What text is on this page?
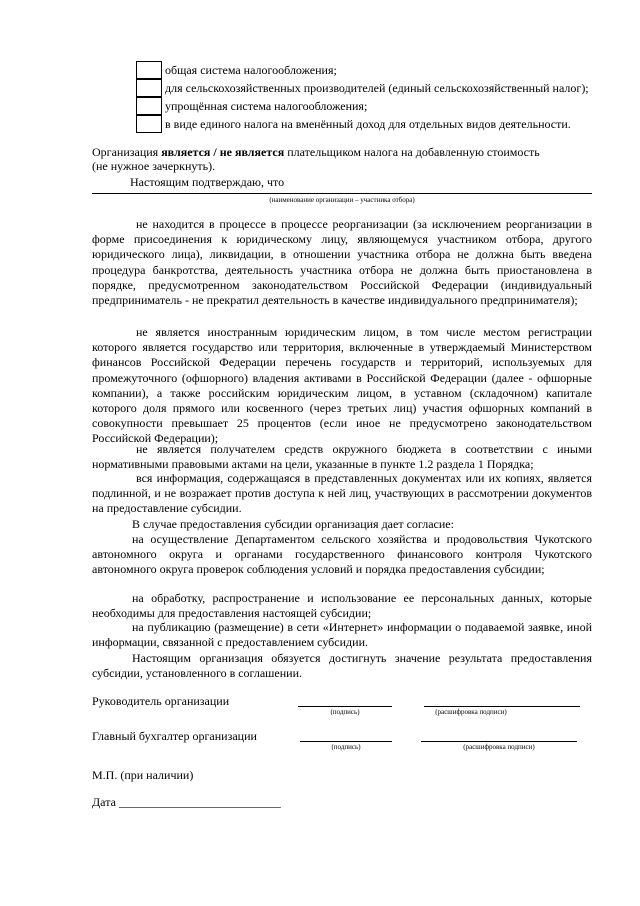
общая система налогообложения;
для сельскохозяйственных производителей (единый сельскохозяйственный налог);
упрощённая система налогообложения;
в виде единого налога на вменённый доход для отдельных видов деятельности.
Организация является / не является плательщиком налога на добавленную стоимость
(не нужное зачеркнуть).
Настоящим подтверждаю, что
(наименование организации – участника отбора)
не находится в процессе в процессе реорганизации (за исключением реорганизации в форме присоединения к юридическому лицу, являющемуся участником отбора, другого юридического лица), ликвидации, в отношении участника отбора не должна быть введена процедура банкротства, деятельность участника отбора не должна быть приостановлена в порядке, предусмотренном законодательством Российской Федерации (индивидуальный предприниматель - не прекратил деятельность в качестве индивидуального предпринимателя);
не является иностранным юридическим лицом, в том числе местом регистрации которого является государство или территория, включенные в утверждаемый Министерством финансов Российской Федерации перечень государств и территорий, используемых для промежуточного (офшорного) владения активами в Российской Федерации (далее - офшорные компании), а также российским юридическим лицом, в уставном (складочном) капитале которого доля прямого или косвенного (через третьих лиц) участия офшорных компаний в совокупности превышает 25 процентов (если иное не предусмотрено законодательством Российской Федерации);
не является получателем средств окружного бюджета в соответствии с иными нормативными правовыми актами на цели, указанные в пункте 1.2 раздела 1 Порядка;
вся информация, содержащаяся в представленных документах или их копиях, является подлинной, и не возражает против доступа к ней лиц, участвующих в рассмотрении документов на предоставление субсидии.
В случае предоставления субсидии организация дает согласие:
на осуществление Департаментом сельского хозяйства и продовольствия Чукотского автономного округа и органами государственного финансового контроля Чукотского автономного округа проверок соблюдения условий и порядка предоставления субсидии;
на обработку, распространение и использование ее персональных данных, которые необходимы для предоставления настоящей субсидии;
на публикацию (размещение) в сети «Интернет» информации о подаваемой заявке, иной информации, связанной с предоставлением субсидии.
Настоящим организация обязуется достигнуть значение результата предоставления субсидии, установленного в соглашении.
Руководитель организации
(подпись)	(расшифровка подписи)
Главный бухгалтер организации
(подпись)	(расшифровка подписи)
М.П. (при наличии)
Дата ___________________________
